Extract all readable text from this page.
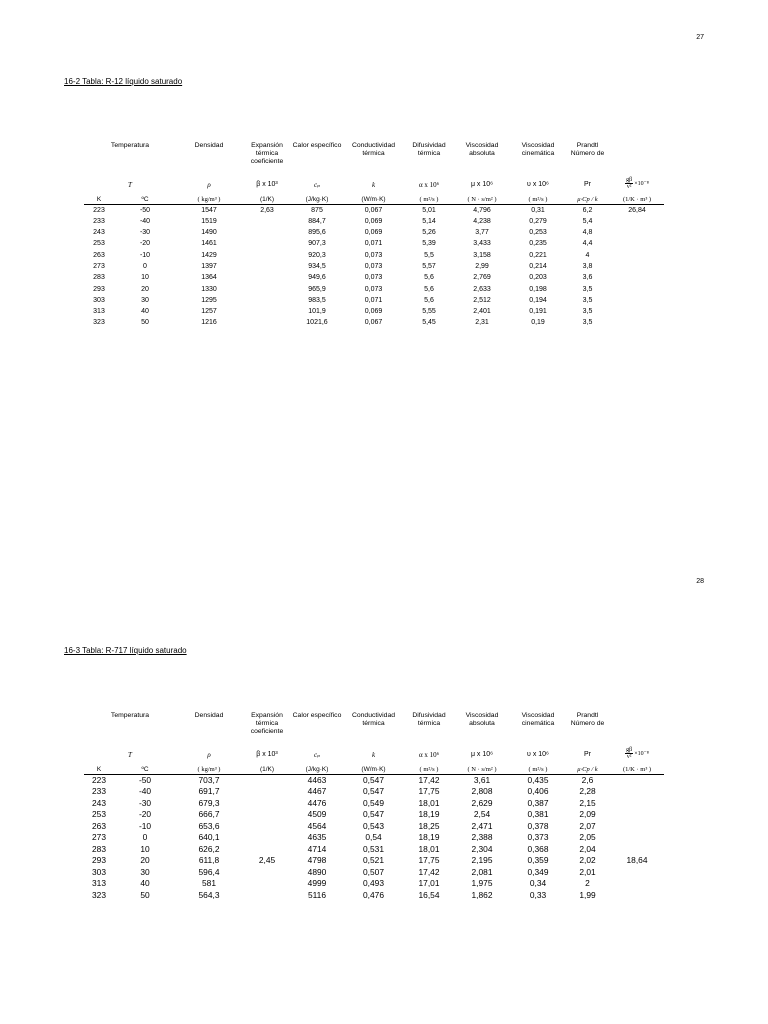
27
16-2 Tabla: R-12 líquido saturado
Temperatura		Densidad	Expansión térmica coeficiente	Calor específico	Conductividad térmica	Difusividad térmica	Viscosidad absoluta	Viscosidad cinemática	Prandtl Número de	
T		ρ	β x 10³	cₚ	k	α x 10⁶	μ x 10⁶	υ x 10⁶	Pr	$\frac{g\beta}{\text{ν²}} \times 10^{-8}$

K	ºC	( kg/m³ )	(1/K)	(J/kg·K)	(W/m·K)	( m²/s )	( N · s/m² )	( m²/s )	μ·Cp / k	(1/K · m³ )
223	-50	1547	2,63	875	0,067	5,01	4,796	0,31	6,2	26,84
233	-40	1519		884,7	0,069	5,14	4,238	0,279	5,4	
243	-30	1490		895,6	0,069	5,26	3,77	0,253	4,8	
253	-20	1461		907,3	0,071	5,39	3,433	0,235	4,4	
263	-10	1429		920,3	0,073	5,5	3,158	0,221	4	
273	0	1397		934,5	0,073	5,57	2,99	0,214	3,8	
283	10	1364		949,6	0,073	5,6	2,769	0,203	3,6	
293	20	1330		965,9	0,073	5,6	2,633	0,198	3,5	
303	30	1295		983,5	0,071	5,6	2,512	0,194	3,5	
313	40	1257		101,9	0,069	5,55	2,401	0,191	3,5	
323	50	1216		1021,6	0,067	5,45	2,31	0,19	3,5	
28
16-3 Tabla: R-717 líquido saturado
Temperatura		Densidad	Expansión térmica coeficiente	Calor específico	Conductividad térmica	Difusividad térmica	Viscosidad absoluta	Viscosidad cinemática	Prandtl Número de	
T		ρ	β x 10³	cₚ	k	α x 10⁶	μ x 10⁶	υ x 10⁶	Pr	$\frac{g\beta}{\text{ν²}} \times 10^{-8}$

K	ºC	( kg/m³ )	(1/K)	(J/kg·K)	(W/m·K)	( m²/s )	( N · s/m² )	( m²/s )	μ·Cp / k	(1/K · m³ )
223	-50	703,7		4463	0,547	17,42	3,61	0,435	2,6	
233	-40	691,7		4467	0,547	17,75	2,808	0,406	2,28	
243	-30	679,3		4476	0,549	18,01	2,629	0,387	2,15	
253	-20	666,7		4509	0,547	18,19	2,54	0,381	2,09	
263	-10	653,6		4564	0,543	18,25	2,471	0,378	2,07	
273	0	640,1		4635	0,54	18,19	2,388	0,373	2,05	
283	10	626,2		4714	0,531	18,01	2,304	0,368	2,04	
293	20	611,8	2,45	4798	0,521	17,75	2,195	0,359	2,02	18,64
303	30	596,4		4890	0,507	17,42	2,081	0,349	2,01	
313	40	581		4999	0,493	17,01	1,975	0,34	2	
323	50	564,3		5116	0,476	16,54	1,862	0,33	1,99	
